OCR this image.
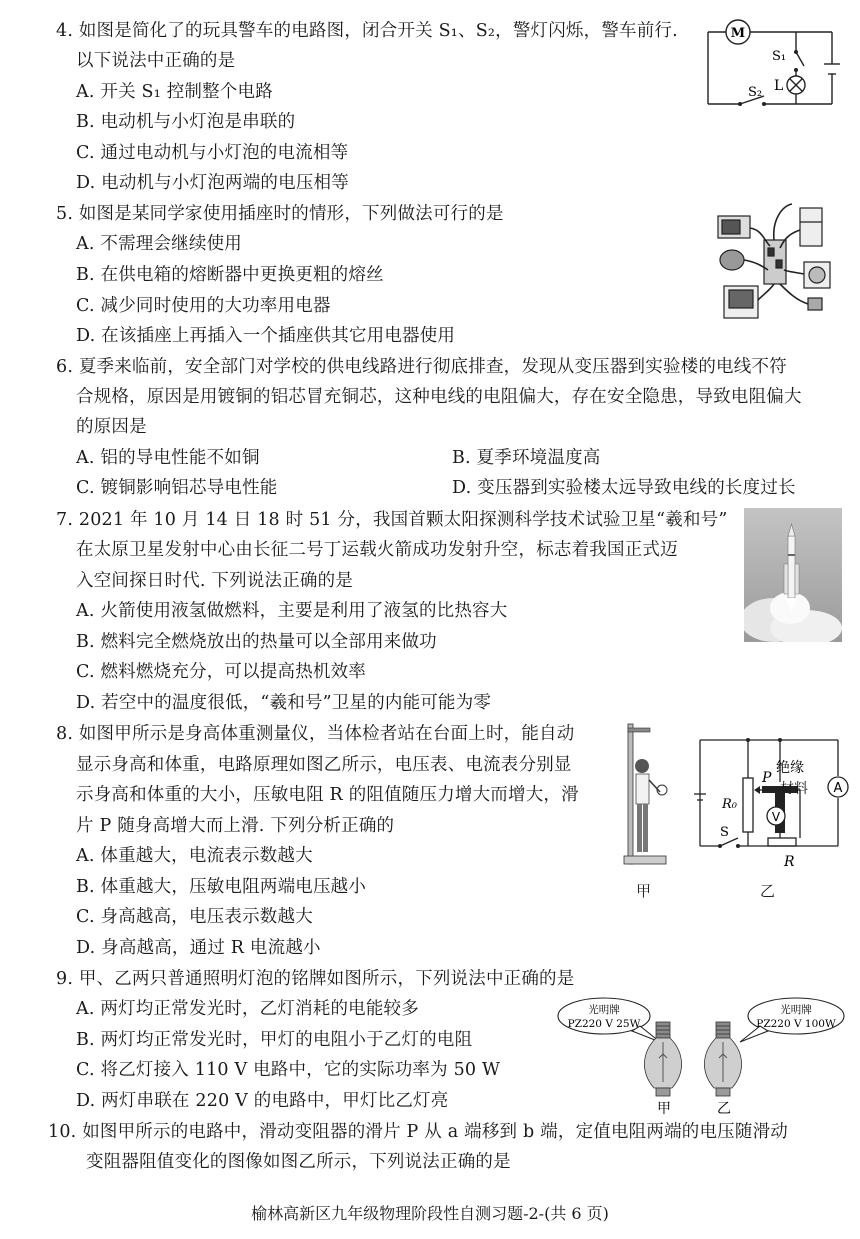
4. 如图是简化了的玩具警车的电路图，闭合开关 S₁、S₂，警灯闪烁，警车前行.
以下说法中正确的是
A. 开关 S₁ 控制整个电路
B. 电动机与小灯泡是串联的
C. 通过电动机与小灯泡的电流相等
D. 电动机与小灯泡两端的电压相等
M
S₁
L
S₂
5. 如图是某同学家使用插座时的情形，下列做法可行的是
A. 不需理会继续使用
B. 在供电箱的熔断器中更换更粗的熔丝
C. 减少同时使用的大功率用电器
D. 在该插座上再插入一个插座供其它用电器使用
6. 夏季来临前，安全部门对学校的供电线路进行彻底排查，发现从变压器到实验楼的电线不符
合规格，原因是用镀铜的铝芯冒充铜芯，这种电线的电阻偏大，存在安全隐患，导致电阻偏大
的原因是
A. 铝的导电性能不如铜	B. 夏季环境温度高
C. 镀铜影响铝芯导电性能	D. 变压器到实验楼太远导致电线的长度过长
7. 2021 年 10 月 14 日 18 时 51 分，我国首颗太阳探测科学技术试验卫星“羲和号”
在太原卫星发射中心由长征二号丁运载火箭成功发射升空，标志着我国正式迈
入空间探日时代. 下列说法正确的是
A. 火箭使用液氢做燃料，主要是利用了液氢的比热容大
B. 燃料完全燃烧放出的热量可以全部用来做功
C. 燃料燃烧充分，可以提高热机效率
D. 若空中的温度很低，“羲和号”卫星的内能可能为零
8. 如图甲所示是身高体重测量仪，当体检者站在台面上时，能自动
显示身高和体重，电路原理如图乙所示，电压表、电流表分别显
示身高和体重的大小，压敏电阻 R 的阻值随压力增大而增大，滑
片 P 随身高增大而上滑. 下列分析正确的
A. 体重越大，电流表示数越大
B. 体重越大，压敏电阻两端电压越小
C. 身高越高，电压表示数越大
D. 身高越高，通过 R 电流越小
绝缘
P
R₀
A
V
S
R
材料
甲	乙
9. 甲、乙两只普通照明灯泡的铭牌如图所示，下列说法中正确的是
A. 两灯均正常发光时，乙灯消耗的电能较多
B. 两灯均正常发光时，甲灯的电阻小于乙灯的电阻
C. 将乙灯接入 110 V 电路中，它的实际功率为 50 W
D. 两灯串联在 220 V 的电路中，甲灯比乙灯亮
光明牌
PZ220 V 25W
光明牌
PZ220 V 100W
甲	乙
10. 如图甲所示的电路中，滑动变阻器的滑片 P 从 a 端移到 b 端，定值电阻两端的电压随滑动
变阻器阻值变化的图像如图乙所示，下列说法正确的是
榆林高新区九年级物理阶段性自测习题-2-(共 6 页)
